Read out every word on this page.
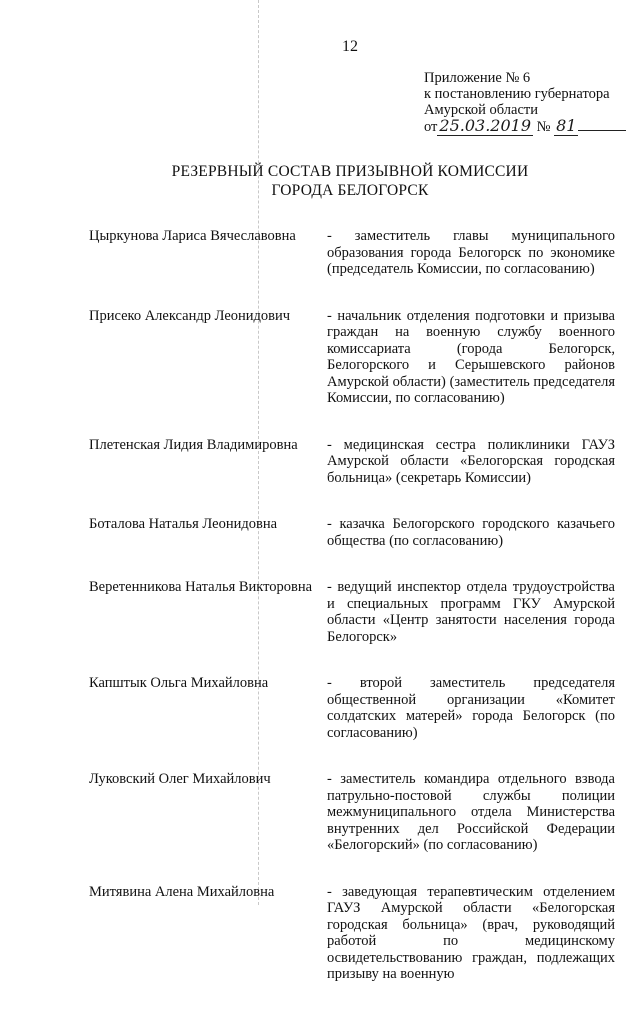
12
Приложение № 6
к постановлению губернатора
Амурской области
от 25.03.2019 № 81
РЕЗЕРВНЫЙ СОСТАВ ПРИЗЫВНОЙ КОМИССИИ
ГОРОДА БЕЛОГОРСК
Цыркунова Лариса Вячеславовна	- заместитель главы муниципального образования города Белогорск по экономике (председатель Комиссии, по согласованию)
Присеко Александр Леонидович	- начальник отделения подготовки и призыва граждан на военную службу военного комиссариата (города Белогорск, Белогорского и Серышевского районов Амурской области) (заместитель председателя Комиссии, по согласованию)
Плетенская Лидия Владимировна	- медицинская сестра поликлиники ГАУЗ Амурской области «Белогорская городская больница» (секретарь Комиссии)
Боталова Наталья Леонидовна	- казачка Белогорского городского казачьего общества (по согласованию)
Веретенникова Наталья Викторовна	- ведущий инспектор отдела трудоустройства и специальных программ ГКУ Амурской области «Центр занятости населения города Белогорск»
Капштык Ольга Михайловна	- второй заместитель председателя общественной организации «Комитет солдатских матерей» города Белогорск (по согласованию)
Луковский Олег Михайлович	- заместитель командира отдельного взвода патрульно-постовой службы полиции межмуниципального отдела Министерства внутренних дел Российской Федерации «Белогорский» (по согласованию)
Митявина Алена Михайловна	- заведующая терапевтическим отделением ГАУЗ Амурской области «Белогорская городская больница» (врач, руководящий работой по медицинскому освидетельствованию граждан, подлежащих призыву на военную
